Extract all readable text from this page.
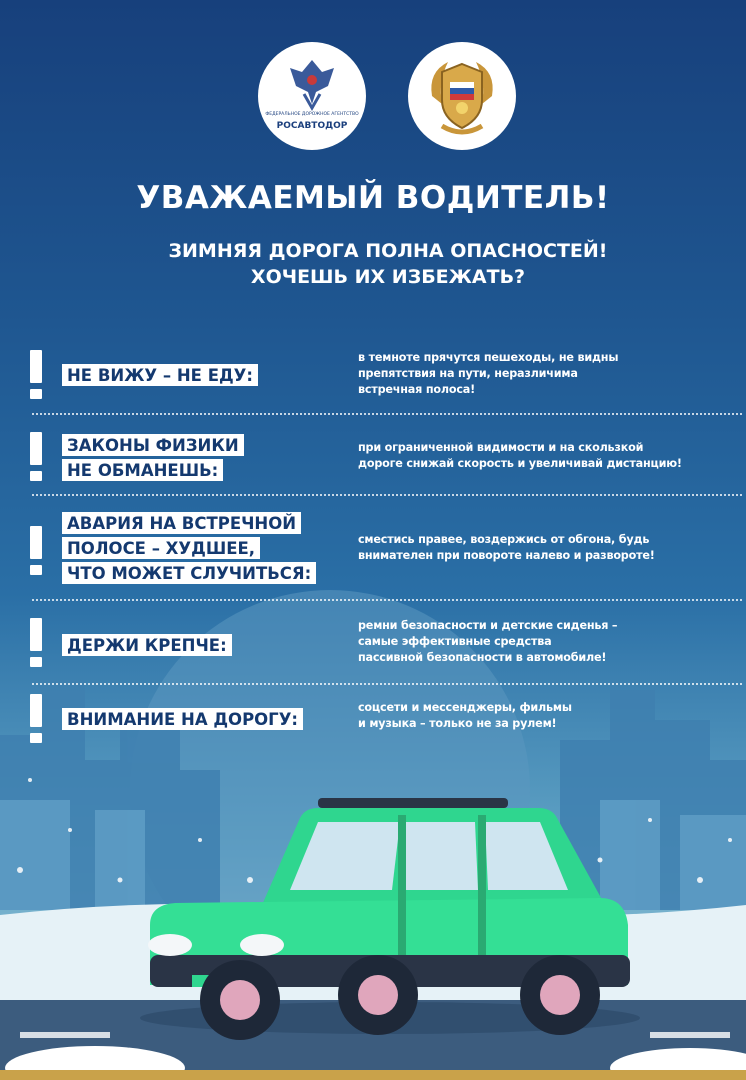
ФЕДЕРАЛЬНОЕ ДОРОЖНОЕ АГЕНТСТВО
РОСАВТОДОР
УВАЖАЕМЫЙ ВОДИТЕЛЬ!
ЗИМНЯЯ ДОРОГА ПОЛНА ОПАСНОСТЕЙ!
ХОЧЕШЬ ИХ ИЗБЕЖАТЬ?
НЕ ВИЖУ – НЕ ЕДУ:
в темноте прячутся пешеходы, не видны
препятствия на пути, неразличима
встречная полоса!
ЗАКОНЫ ФИЗИКИ
НЕ ОБМАНЕШЬ:
при ограниченной видимости и на скользкой
дороге снижай скорость и увеличивай дистанцию!
АВАРИЯ НА ВСТРЕЧНОЙ
ПОЛОСЕ – ХУДШЕЕ,
ЧТО МОЖЕТ СЛУЧИТЬСЯ:
сместись правее, воздержись от обгона, будь
внимателен при повороте налево и развороте!
ДЕРЖИ КРЕПЧЕ:
ремни безопасности и детские сиденья –
самые эффективные средства
пассивной безопасности в автомобиле!
ВНИМАНИЕ НА ДОРОГУ:
соцсети и мессенджеры, фильмы
и музыка – только не за рулем!
